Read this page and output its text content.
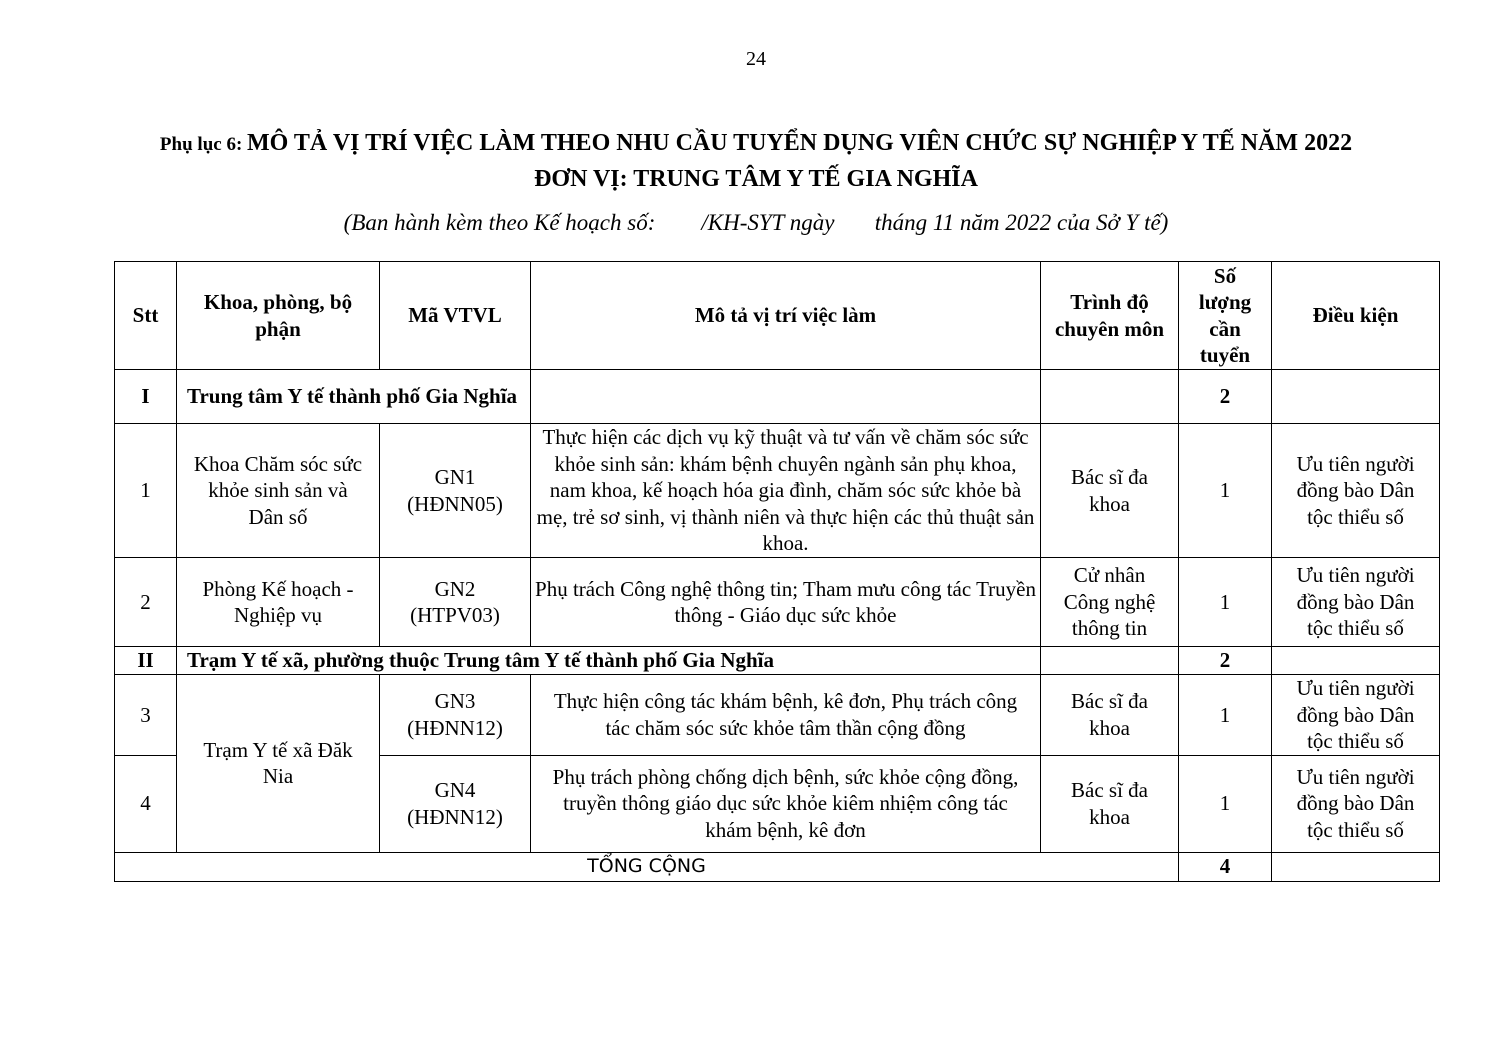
24
Phụ lục 6: MÔ TẢ VỊ TRÍ VIỆC LÀM THEO NHU CẦU TUYỂN DỤNG VIÊN CHỨC SỰ NGHIỆP Y TẾ NĂM 2022
ĐƠN VỊ: TRUNG TÂM Y TẾ GIA NGHĨA
(Ban hành kèm theo Kế hoạch số:        /KH-SYT ngày       tháng 11 năm 2022 của Sở Y tế)
Stt	Khoa, phòng, bộ phận	Mã VTVL	Mô tả vị trí việc làm	Trình độ chuyên môn	Số lượng cần tuyển	Điều kiện
I	Trung tâm Y tế thành phố Gia Nghĩa				2	
1	Khoa Chăm sóc sức khỏe sinh sản và Dân số	GN1 (HĐNN05)	Thực hiện các dịch vụ kỹ thuật và tư vấn về chăm sóc sức khỏe sinh sản: khám bệnh chuyên ngành sản phụ khoa, nam khoa, kế hoạch hóa gia đình, chăm sóc sức khỏe bà mẹ, trẻ sơ sinh, vị thành niên và thực hiện các thủ thuật sản khoa.	Bác sĩ đa khoa	1	Ưu tiên người đồng bào Dân tộc thiểu số
2	Phòng Kế hoạch - Nghiệp vụ	GN2 (HTPV03)	Phụ trách Công nghệ thông tin; Tham mưu công tác Truyền thông - Giáo dục sức khỏe	Cử nhân Công nghệ thông tin	1	Ưu tiên người đồng bào Dân tộc thiểu số
II	Trạm Y tế xã, phường thuộc Trung tâm Y tế thành phố Gia Nghĩa				2	
3	Trạm Y tế xã Đăk Nia	GN3 (HĐNN12)	Thực hiện công tác khám bệnh, kê đơn, Phụ trách công tác chăm sóc sức khỏe tâm thần cộng đồng	Bác sĩ đa khoa	1	Ưu tiên người đồng bào Dân tộc thiểu số
4		GN4 (HĐNN12)	Phụ trách phòng chống dịch bệnh, sức khỏe cộng đồng, truyền thông giáo dục sức khỏe kiêm nhiệm công tác khám bệnh, kê đơn	Bác sĩ đa khoa	1	Ưu tiên người đồng bào Dân tộc thiểu số
TỔNG CỘNG					4	
